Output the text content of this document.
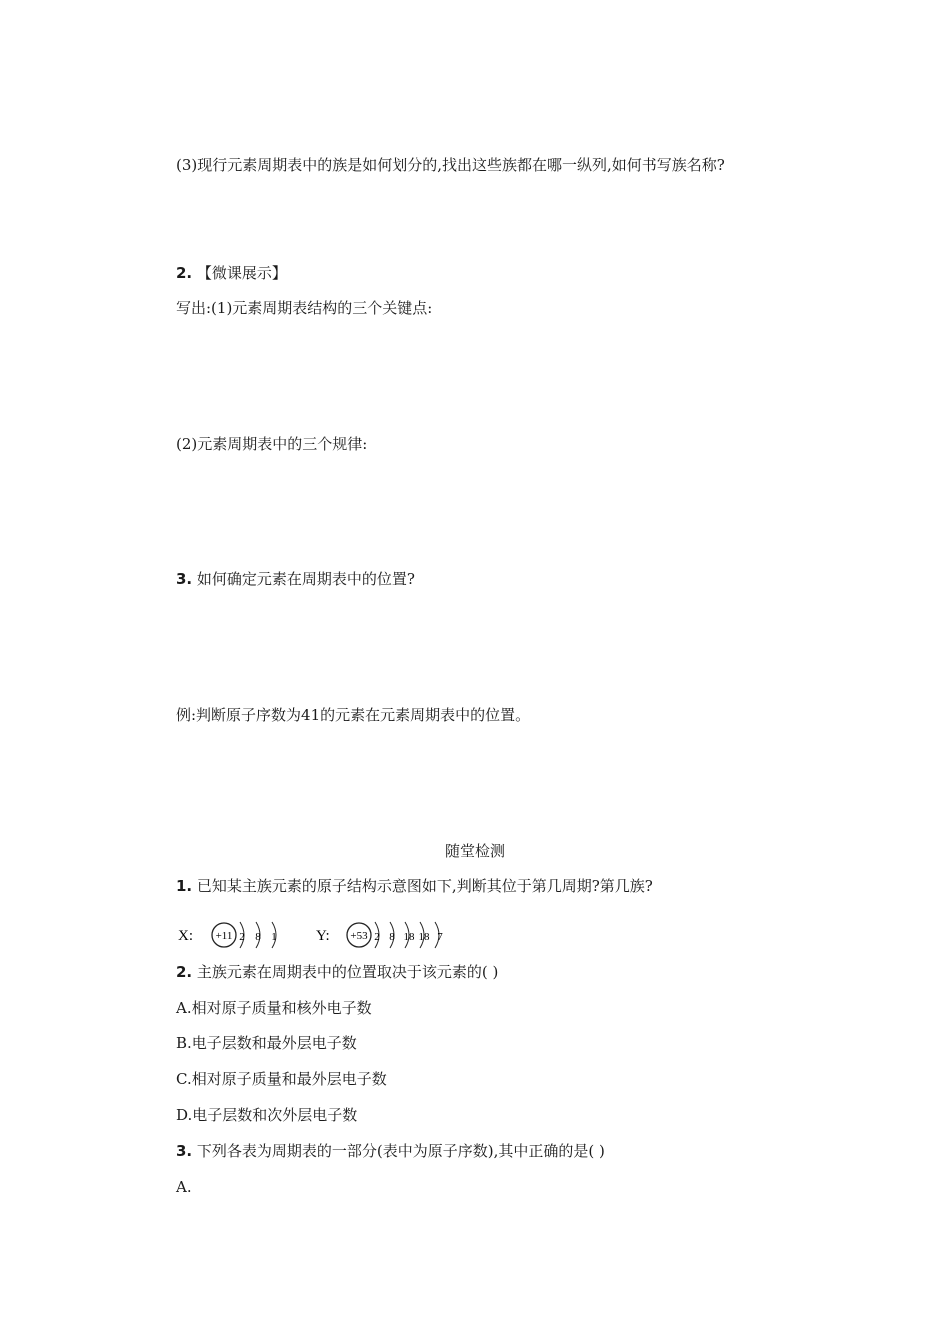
(3)现行元素周期表中的族是如何划分的,找出这些族都在哪一纵列,如何书写族名称?
2. 【微课展示】
写出:(1)元素周期表结构的三个关键点:
(2)元素周期表中的三个规律:
3. 如何确定元素在周期表中的位置?
例:判断原子序数为41的元素在元素周期表中的位置。
随堂检测
1. 已知某主族元素的原子结构示意图如下,判断其位于第几周期?第几族?
X: +11 2 8 1	Y: +53 2 8 18 18 7
2. 主族元素在周期表中的位置取决于该元素的( )
A.相对原子质量和核外电子数
B.电子层数和最外层电子数
C.相对原子质量和最外层电子数
D.电子层数和次外层电子数
3. 下列各表为周期表的一部分(表中为原子序数),其中正确的是( )
A.
